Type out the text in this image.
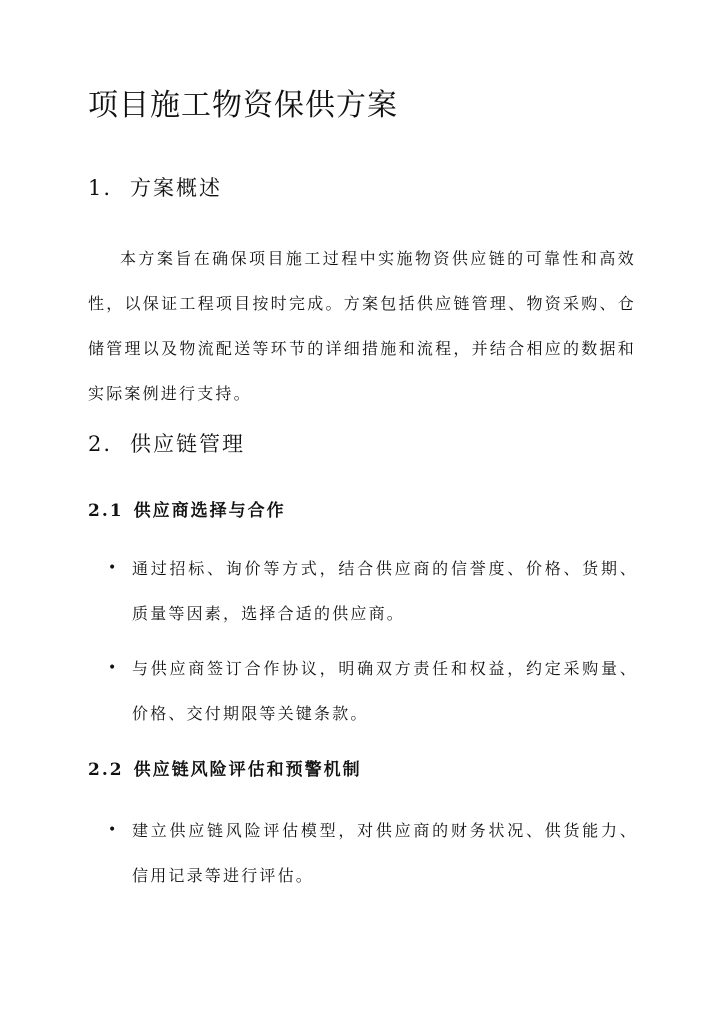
项目施工物资保供方案
1. 方案概述

本方案旨在确保项目施工过程中实施物资供应链的可靠性和高效性，以保证工程项目按时完成。方案包括供应链管理、物资采购、仓储管理以及物流配送等环节的详细措施和流程，并结合相应的数据和实际案例进行支持。

2. 供应链管理
2.1 供应商选择与合作
• 通过招标、询价等方式，结合供应商的信誉度、价格、货期、质量等因素，选择合适的供应商。
• 与供应商签订合作协议，明确双方责任和权益，约定采购量、价格、交付期限等关键条款。
2.2 供应链风险评估和预警机制
• 建立供应链风险评估模型，对供应商的财务状况、供货能力、信用记录等进行评估。
